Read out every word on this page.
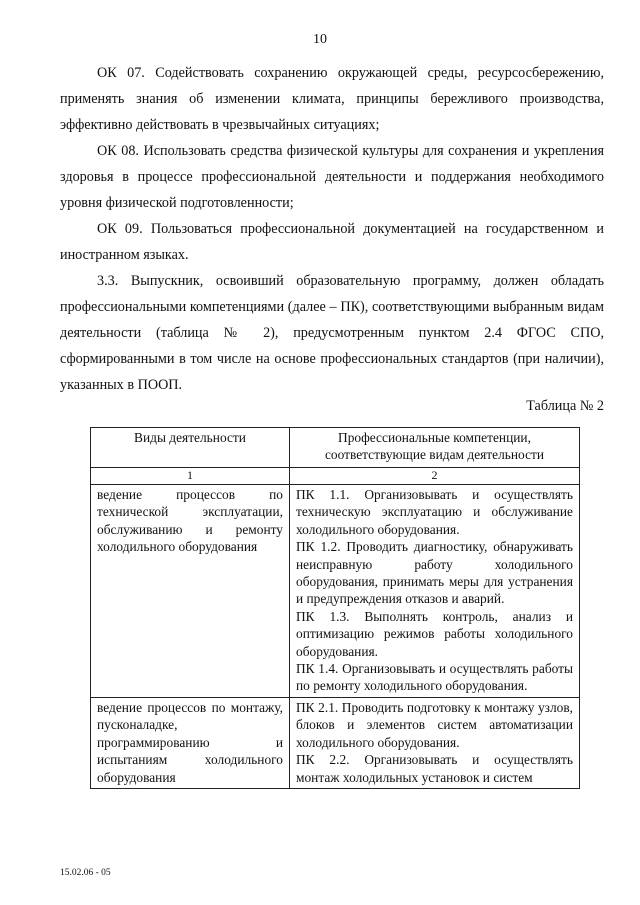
10

ОК 07. Содействовать сохранению окружающей среды, ресурсосбережению, применять знания об изменении климата, принципы бережливого производства, эффективно действовать в чрезвычайных ситуациях;

ОК 08. Использовать средства физической культуры для сохранения и укрепления здоровья в процессе профессиональной деятельности и поддержания необходимого уровня физической подготовленности;

ОК 09. Пользоваться профессиональной документацией на государственном и иностранном языках.

3.3. Выпускник, освоивший образовательную программу, должен обладать профессиональными компетенциями (далее – ПК), соответствующими выбранным видам деятельности (таблица № 2), предусмотренным пунктом 2.4 ФГОС СПО, сформированными в том числе на основе профессиональных стандартов (при наличии), указанных в ПООП.

Таблица № 2
Виды деятельности	Профессиональные компетенции, соответствующие видам деятельности
1	2
ведение процессов по технической эксплуатации, обслуживанию и ремонту холодильного оборудования	ПК 1.1. Организовывать и осуществлять техническую эксплуатацию и обслуживание холодильного оборудования.
ПК 1.2. Проводить диагностику, обнаруживать неисправную работу холодильного оборудования, принимать меры для устранения и предупреждения отказов и аварий.
ПК 1.3. Выполнять контроль, анализ и оптимизацию режимов работы холодильного оборудования.
ПК 1.4. Организовывать и осуществлять работы по ремонту холодильного оборудования.

ведение процессов по монтажу, пусконаладке, программированию и испытаниям холодильного оборудования	ПК 2.1. Проводить подготовку к монтажу узлов, блоков и элементов систем автоматизации холодильного оборудования.
ПК 2.2. Организовывать и осуществлять монтаж холодильных установок и систем
15.02.06 - 05
